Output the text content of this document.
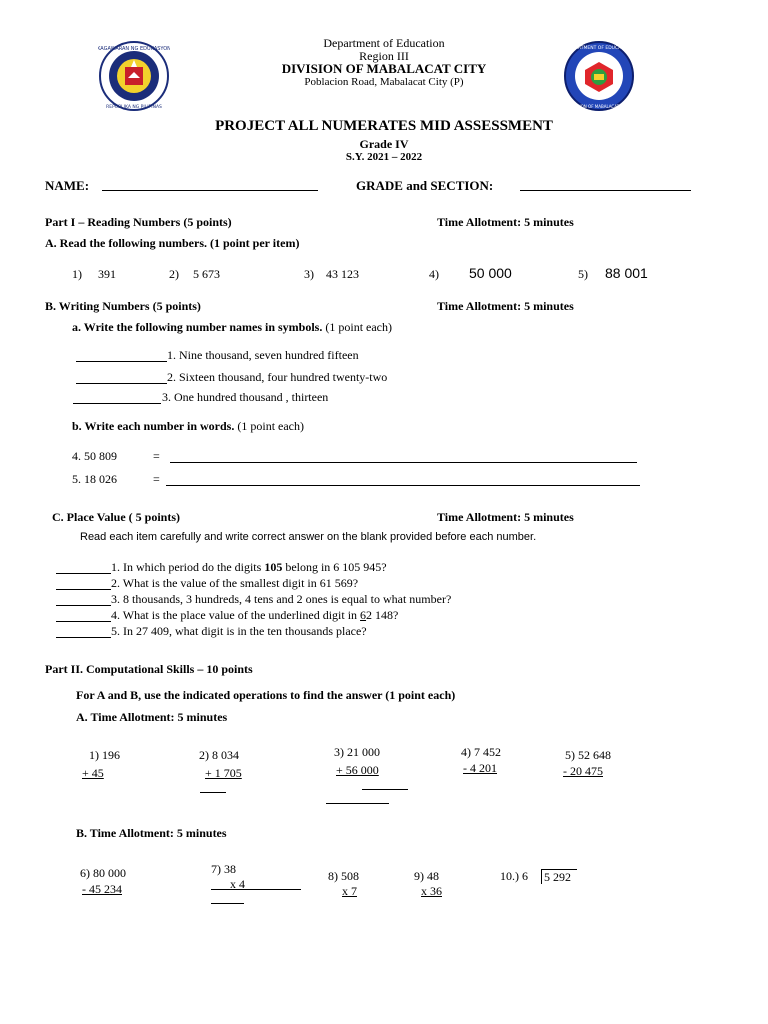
KAGAWARAN NG EDUKASYON
REPUBLIKA NG PILIPINAS
DEPARTMENT OF EDUCATION
DIVISION OF MABALACAT CITY
Department of Education
Region III
DIVISION OF MABALACAT CITY
Poblacion Road, Mabalacat City (P)
PROJECT ALL NUMERATES MID ASSESSMENT
Grade IV
S.Y. 2021 – 2022
NAME:	GRADE and SECTION:
Part I – Reading Numbers (5 points)	Time Allotment: 5 minutes
A. Read the following numbers. (1 point per item)
1) 391	2) 5 673	3) 43 123	4) 50 000	5) 88 001
B. Writing Numbers (5 points)	Time Allotment: 5 minutes
a. Write the following number names in symbols. (1 point each)
1. Nine thousand, seven hundred fifteen
2. Sixteen thousand, four hundred twenty-two
3. One hundred thousand , thirteen
b. Write each number in words. (1 point each)
4. 50 809	=
5. 18 026	=
C. Place Value ( 5 points)	Time Allotment: 5 minutes
Read each item carefully and write correct answer on the blank provided before each number.
1. In which period do the digits 105 belong in 6 105 945?
2. What is the value of the smallest digit in 61 569?
3. 8 thousands, 3 hundreds, 4 tens and 2 ones is equal to what number?
4. What is the place value of the underlined digit in 62 148?
5. In 27 409, what digit is in the ten thousands place?
Part II. Computational Skills – 10 points
For A and B, use the indicated operations to find the answer (1 point each)
A. Time Allotment: 5 minutes
1) 196
+ 45
2) 8 034
+ 1 705
3) 21 000
+ 56 000
4) 7 452
- 4 201
5) 52 648
- 20 475
B. Time Allotment: 5 minutes
6) 80 000
- 45 234
7) 38
x 4
8) 508
x 7
9) 48
x 36
10.) 6 5 292
